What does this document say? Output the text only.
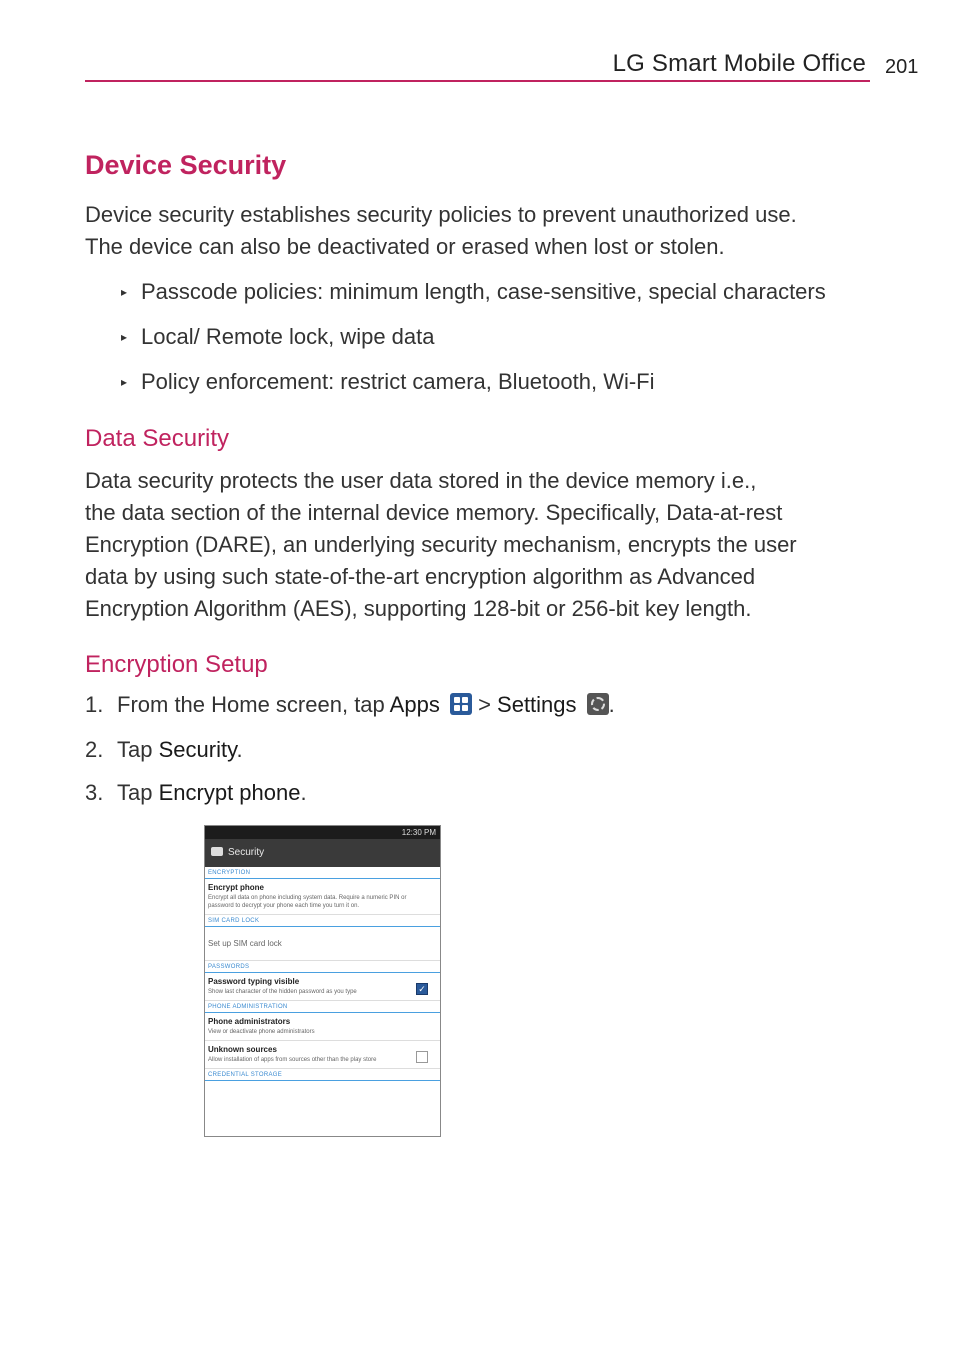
LG Smart Mobile Office 201
Device Security
Device security establishes security policies to prevent unauthorized use.
The device can also be deactivated or erased when lost or stolen.
▸ Passcode policies: minimum length, case-sensitive, special characters
▸ Local/ Remote lock, wipe data
▸ Policy enforcement: restrict camera, Bluetooth, Wi-Fi
Data Security
Data security protects the user data stored in the device memory i.e.,
the data section of the internal device memory. Specifically, Data-at-rest
Encryption (DARE), an underlying security mechanism, encrypts the user
data by using such state-of-the-art encryption algorithm as Advanced
Encryption Algorithm (AES), supporting 128-bit or 256-bit key length.
Encryption Setup
1. From the Home screen, tap Apps
> Settings .
2. Tap Security.
3. Tap Encrypt phone.
12:30 PM
Security
ENCRYPTION
Encrypt phone
Encrypt all data on phone including system data. Require a numeric PIN or password to decrypt your phone each time you turn it on.
SIM CARD LOCK
Set up SIM card lock
PASSWORDS
Password typing visible
Show last character of the hidden password as you type	✓
PHONE ADMINISTRATION
Phone administrators
View or deactivate phone administrators
Unknown sources
Allow installation of apps from sources other than the play store
CREDENTIAL STORAGE
